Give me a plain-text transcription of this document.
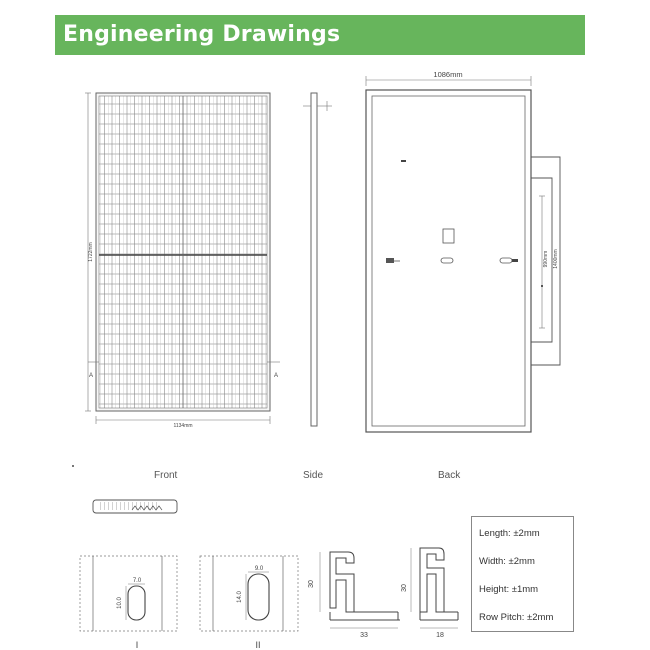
Engineering Drawings
1134mm
1722mm
A	A
1086mm
990mm 1400mm
7.0
10.0
I
9.0
14.0
II
30
33
30
18
Front	Side	Back
Length: ±2mm
Width: ±2mm
Height: ±1mm
Row Pitch: ±2mm
